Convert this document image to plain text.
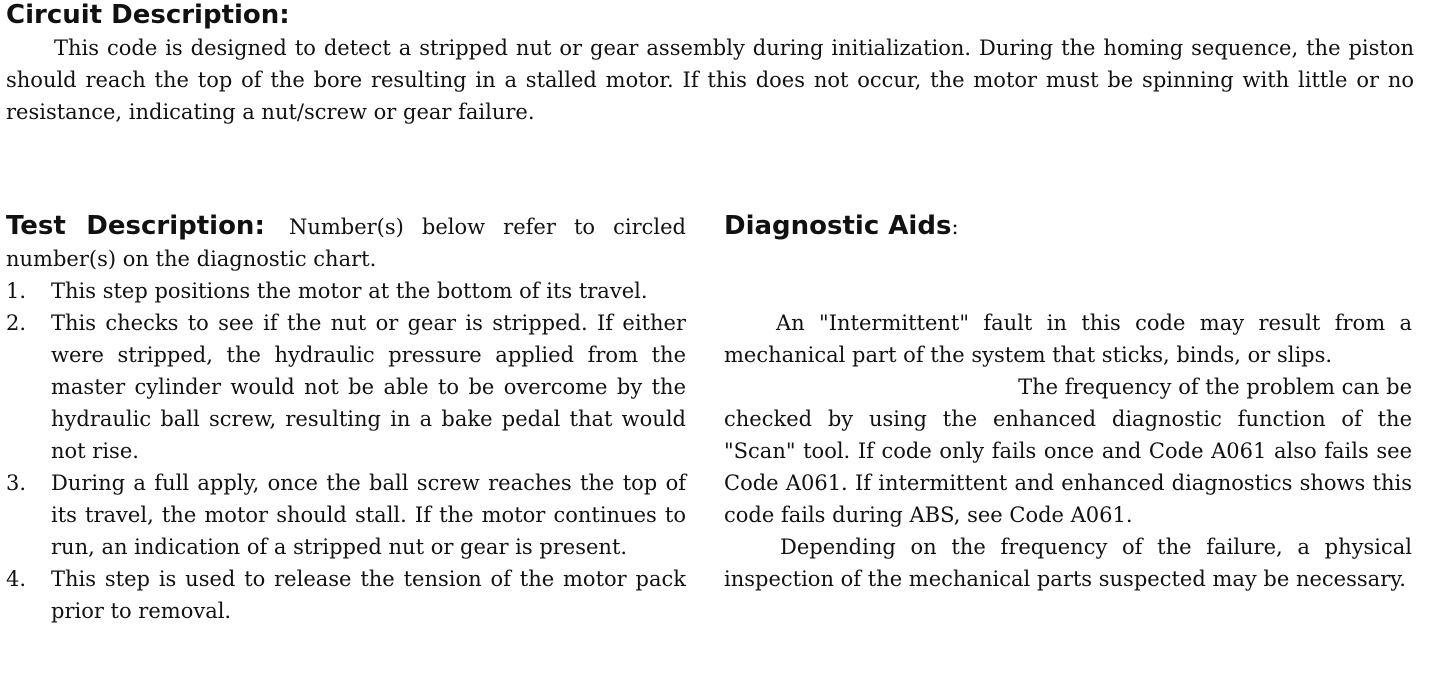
Circuit Description:

This code is designed to detect a stripped nut or gear assembly during initialization. During the homing sequence, the piston should reach the top of the bore resulting in a stalled motor. If this does not occur, the motor must be spinning with little or no resistance, indicating a nut/screw or gear failure.

Test Description: Number(s) below refer to circled number(s) on the diagnostic chart.

1. This step positions the motor at the bottom of its travel.
2. This checks to see if the nut or gear is stripped. If either were stripped, the hydraulic pressure applied from the master cylinder would not be able to be overcome by the hydraulic ball screw, resulting in a bake pedal that would not rise.
3. During a full apply, once the ball screw reaches the top of its travel, the motor should stall. If the motor continues to run, an indication of a stripped nut or gear is present.
4. This step is used to release the tension of the motor pack prior to removal.
Diagnostic Aids:

An "Intermittent" fault in this code may result from a mechanical part of the system that sticks, binds, or slips.

The frequency of the problem can be

checked by using the enhanced diagnostic function of the "Scan" tool. If code only fails once and Code A061 also fails see Code A061. If intermittent and enhanced diagnostics shows this code fails during ABS, see Code A061.

Depending on the frequency of the failure, a physical inspection of the mechanical parts suspected may be necessary.
